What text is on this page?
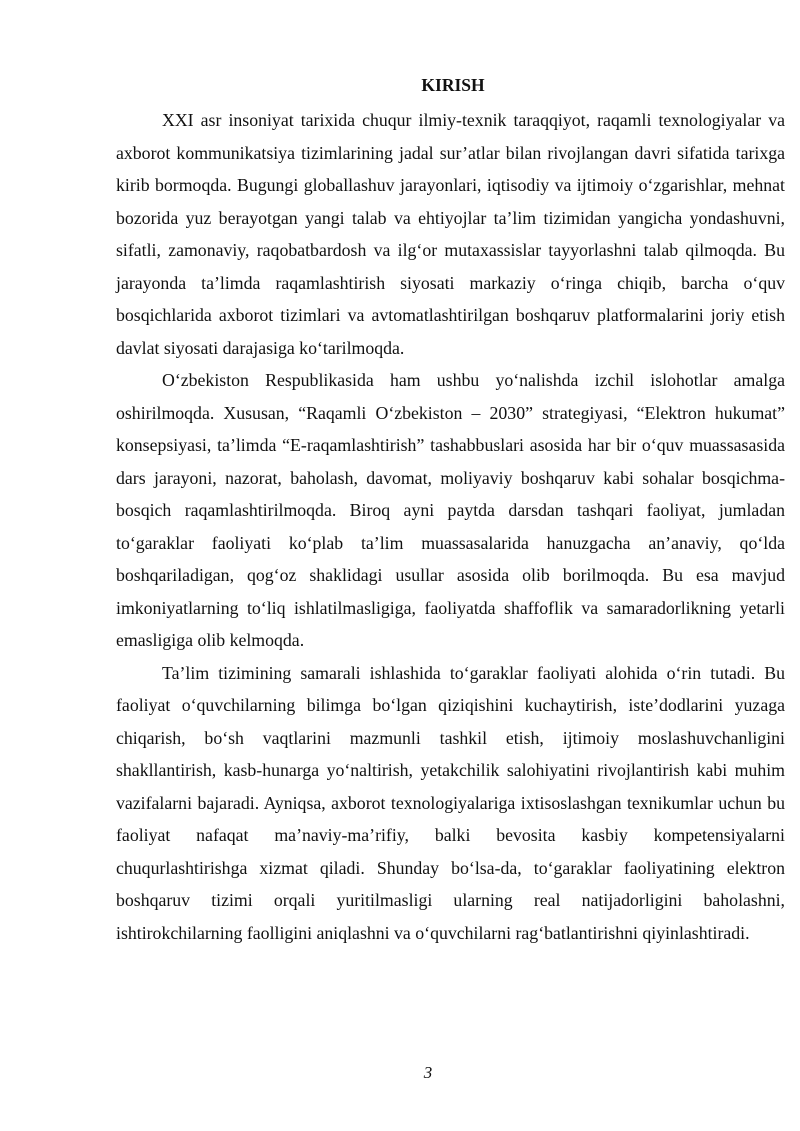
KIRISH

XXI asr insoniyat tarixida chuqur ilmiy-texnik taraqqiyot, raqamli texnologiyalar va axborot kommunikatsiya tizimlarining jadal sur’atlar bilan rivojlangan davri sifatida tarixga kirib bormoqda. Bugungi globallashuv jarayonlari, iqtisodiy va ijtimoiy o‘zgarishlar, mehnat bozorida yuz berayotgan yangi talab va ehtiyojlar ta’lim tizimidan yangicha yondashuvni, sifatli, zamonaviy, raqobatbardosh va ilg‘or mutaxassislar tayyorlashni talab qilmoqda. Bu jarayonda ta’limda raqamlashtirish siyosati markaziy o‘ringa chiqib, barcha o‘quv bosqichlarida axborot tizimlari va avtomatlashtirilgan boshqaruv platformalarini joriy etish davlat siyosati darajasiga ko‘tarilmoqda.

O‘zbekiston Respublikasida ham ushbu yo‘nalishda izchil islohotlar amalga oshirilmoqda. Xususan, “Raqamli O‘zbekiston – 2030” strategiyasi, “Elektron hukumat” konsepsiyasi, ta’limda “E-raqamlashtirish” tashabbuslari asosida har bir o‘quv muassasasida dars jarayoni, nazorat, baholash, davomat, moliyaviy boshqaruv kabi sohalar bosqichma-bosqich raqamlashtirilmoqda. Biroq ayni paytda darsdan tashqari faoliyat, jumladan to‘garaklar faoliyati ko‘plab ta’lim muassasalarida hanuzgacha an’anaviy, qo‘lda boshqariladigan, qog‘oz shaklidagi usullar asosida olib borilmoqda. Bu esa mavjud imkoniyatlarning to‘liq ishlatilmasligiga, faoliyatda shaffoflik va samaradorlikning yetarli emasligiga olib kelmoqda.

Ta’lim tizimining samarali ishlashida to‘garaklar faoliyati alohida o‘rin tutadi. Bu faoliyat o‘quvchilarning bilimga bo‘lgan qiziqishini kuchaytirish, iste’dodlarini yuzaga chiqarish, bo‘sh vaqtlarini mazmunli tashkil etish, ijtimoiy moslashuvchanligini shakllantirish, kasb-hunarga yo‘naltirish, yetakchilik salohiyatini rivojlantirish kabi muhim vazifalarni bajaradi. Ayniqsa, axborot texnologiyalariga ixtisoslashgan texnikumlar uchun bu faoliyat nafaqat ma’naviy-ma’rifiy, balki bevosita kasbiy kompetensiyalarni chuqurlashtirishga xizmat qiladi. Shunday bo‘lsa-da, to‘garaklar faoliyatining elektron boshqaruv tizimi orqali yuritilmasligi ularning real natijadorligini baholashni, ishtirokchilarning faolligini aniqlashni va o‘quvchilarni rag‘batlantirishni qiyinlashtiradi.

3
